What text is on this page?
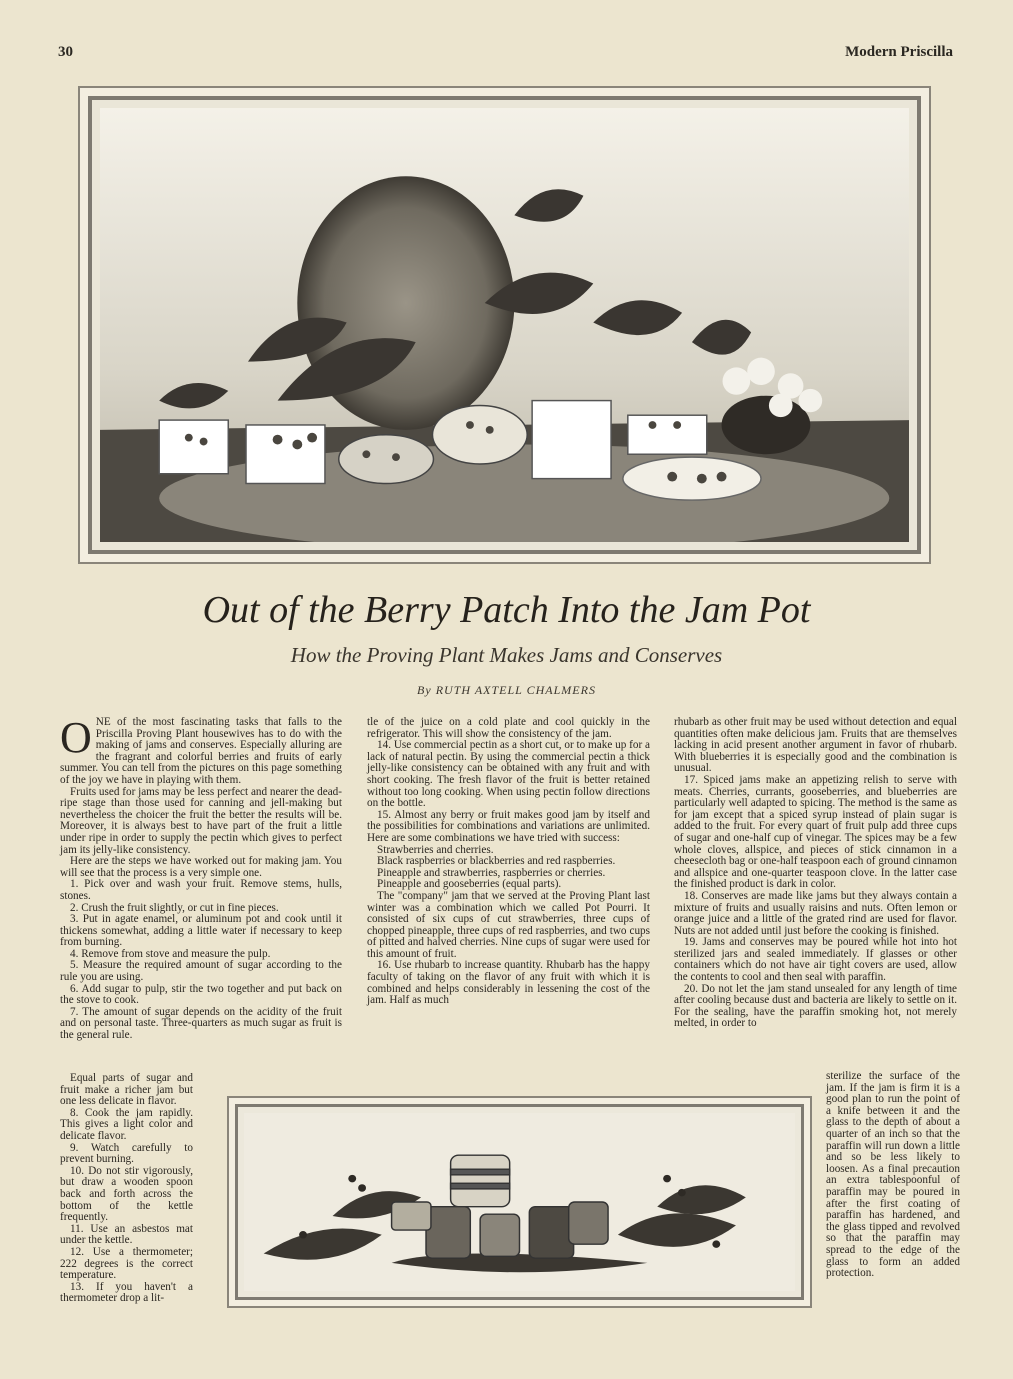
30	Modern Priscilla
Out of the Berry Patch Into the Jam Pot
How the Proving Plant Makes Jams and Conserves
By RUTH AXTELL CHALMERS

ONE of the most fascinating tasks that falls to the Priscilla Proving Plant housewives has to do with the making of jams and conserves. Especially alluring are the fragrant and colorful berries and fruits of early summer. You can tell from the pictures on this page something of the joy we have in playing with them.

Fruits used for jams may be less perfect and nearer the dead-ripe stage than those used for canning and jell-making but nevertheless the choicer the fruit the better the results will be. Moreover, it is always best to have part of the fruit a little under ripe in order to supply the pectin which gives to perfect jam its jelly-like consistency.

Here are the steps we have worked out for making jam. You will see that the process is a very simple one.

1. Pick over and wash your fruit. Remove stems, hulls, stones.

2. Crush the fruit slightly, or cut in fine pieces.

3. Put in agate enamel, or aluminum pot and cook until it thickens somewhat, adding a little water if necessary to keep from burning.

4. Remove from stove and measure the pulp.

5. Measure the required amount of sugar according to the rule you are using.

6. Add sugar to pulp, stir the two together and put back on the stove to cook.

7. The amount of sugar depends on the acidity of the fruit and on personal taste. Three-quarters as much sugar as fruit is the general rule.

Equal parts of sugar and fruit make a richer jam but one less delicate in flavor.

8. Cook the jam rapidly. This gives a light color and delicate flavor.

9. Watch carefully to prevent burning.

10. Do not stir vigorously, but draw a wooden spoon back and forth across the bottom of the kettle frequently.

11. Use an asbestos mat under the kettle.

12. Use a thermometer; 222 degrees is the correct temperature.

13. If you haven't a thermometer drop a lit-

tle of the juice on a cold plate and cool quickly in the refrigerator. This will show the consistency of the jam.

14. Use commercial pectin as a short cut, or to make up for a lack of natural pectin. By using the commercial pectin a thick jelly-like consistency can be obtained with any fruit and with short cooking. The fresh flavor of the fruit is better retained without too long cooking. When using pectin follow directions on the bottle.

15. Almost any berry or fruit makes good jam by itself and the possibilities for combinations and variations are unlimited. Here are some combinations we have tried with success:

Strawberries and cherries.

Black raspberries or blackberries and red raspberries.

Pineapple and strawberries, raspberries or cherries.

Pineapple and gooseberries (equal parts).

The "company" jam that we served at the Proving Plant last winter was a combination which we called Pot Pourri. It consisted of six cups of cut strawberries, three cups of chopped pineapple, three cups of red raspberries, and two cups of pitted and halved cherries. Nine cups of sugar were used for this amount of fruit.

16. Use rhubarb to increase quantity. Rhubarb has the happy faculty of taking on the flavor of any fruit with which it is combined and helps considerably in lessening the cost of the jam. Half as much

rhubarb as other fruit may be used without detection and equal quantities often make delicious jam. Fruits that are themselves lacking in acid present another argument in favor of rhubarb. With blueberries it is especially good and the combination is unusual.

17. Spiced jams make an appetizing relish to serve with meats. Cherries, currants, gooseberries, and blueberries are particularly well adapted to spicing. The method is the same as for jam except that a spiced syrup instead of plain sugar is added to the fruit. For every quart of fruit pulp add three cups of sugar and one-half cup of vinegar. The spices may be a few whole cloves, allspice, and pieces of stick cinnamon in a cheesecloth bag or one-half teaspoon each of ground cinnamon and allspice and one-quarter teaspoon clove. In the latter case the finished product is dark in color.

18. Conserves are made like jams but they always contain a mixture of fruits and usually raisins and nuts. Often lemon or orange juice and a little of the grated rind are used for flavor. Nuts are not added until just before the cooking is finished.

19. Jams and conserves may be poured while hot into hot sterilized jars and sealed immediately. If glasses or other containers which do not have air tight covers are used, allow the contents to cool and then seal with paraffin.

20. Do not let the jam stand unsealed for any length of time after cooling because dust and bacteria are likely to settle on it. For the sealing, have the paraffin smoking hot, not merely melted, in order to

sterilize the surface of the jam. If the jam is firm it is a good plan to run the point of a knife between it and the glass to the depth of about a quarter of an inch so that the paraffin will run down a little and so be less likely to loosen. As a final precaution an extra tablespoonful of paraffin may be poured in after the first coating of paraffin has hardened, and the glass tipped and revolved so that the paraffin may spread to the edge of the glass to form an added protection.
